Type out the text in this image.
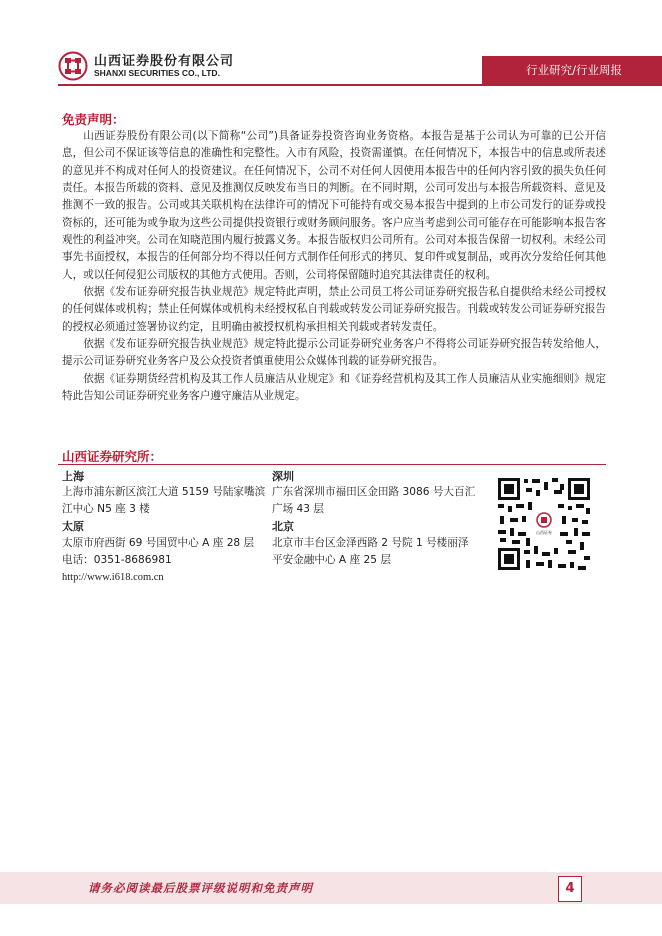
山西证券股份有限公司
SHANXI SECURITIES CO., LTD.	行业研究/行业周报
免责声明：

山西证券股份有限公司(以下简称“公司”)具备证券投资咨询业务资格。本报告是基于公司认为可靠的已公开信息，但公司不保证该等信息的准确性和完整性。入市有风险，投资需谨慎。在任何情况下，本报告中的信息或所表述的意见并不构成对任何人的投资建议。在任何情况下，公司不对任何人因使用本报告中的任何内容引致的损失负任何责任。本报告所载的资料、意见及推测仅反映发布当日的判断。在不同时期，公司可发出与本报告所载资料、意见及推测不一致的报告。公司或其关联机构在法律许可的情况下可能持有或交易本报告中提到的上市公司发行的证券或投资标的，还可能为或争取为这些公司提供投资银行或财务顾问服务。客户应当考虑到公司可能存在可能影响本报告客观性的利益冲突。公司在知晓范围内履行披露义务。本报告版权归公司所有。公司对本报告保留一切权利。未经公司事先书面授权，本报告的任何部分均不得以任何方式制作任何形式的拷贝、复印件或复制品，或再次分发给任何其他人，或以任何侵犯公司版权的其他方式使用。否则，公司将保留随时追究其法律责任的权利。

依据《发布证券研究报告执业规范》规定特此声明，禁止公司员工将公司证券研究报告私自提供给未经公司授权的任何媒体或机构；禁止任何媒体或机构未经授权私自刊载或转发公司证券研究报告。刊载或转发公司证券研究报告的授权必须通过签署协议约定，且明确由被授权机构承担相关刊载或者转发责任。

依据《发布证券研究报告执业规范》规定特此提示公司证券研究业务客户不得将公司证券研究报告转发给他人，提示公司证券研究业务客户及公众投资者慎重使用公众媒体刊载的证券研究报告。

依据《证券期货经营机构及其工作人员廉洁从业规定》和《证券经营机构及其工作人员廉洁从业实施细则》规定特此告知公司证券研究业务客户遵守廉洁从业规定。

山西证券研究所：
上海
上海市浦东新区滨江大道 5159 号陆家嘴滨江中心 N5 座 3 楼
深圳
广东省深圳市福田区金田路 3086 号大百汇广场 43 层
太原
太原市府西街 69 号国贸中心 A 座 28 层
电话：0351-8686981
北京
北京市丰台区金泽西路 2 号院 1 号楼丽泽平安金融中心 A 座 25 层
http://www.i618.com.cn
山西证券
请务必阅读最后股票评级说明和免责声明	4
